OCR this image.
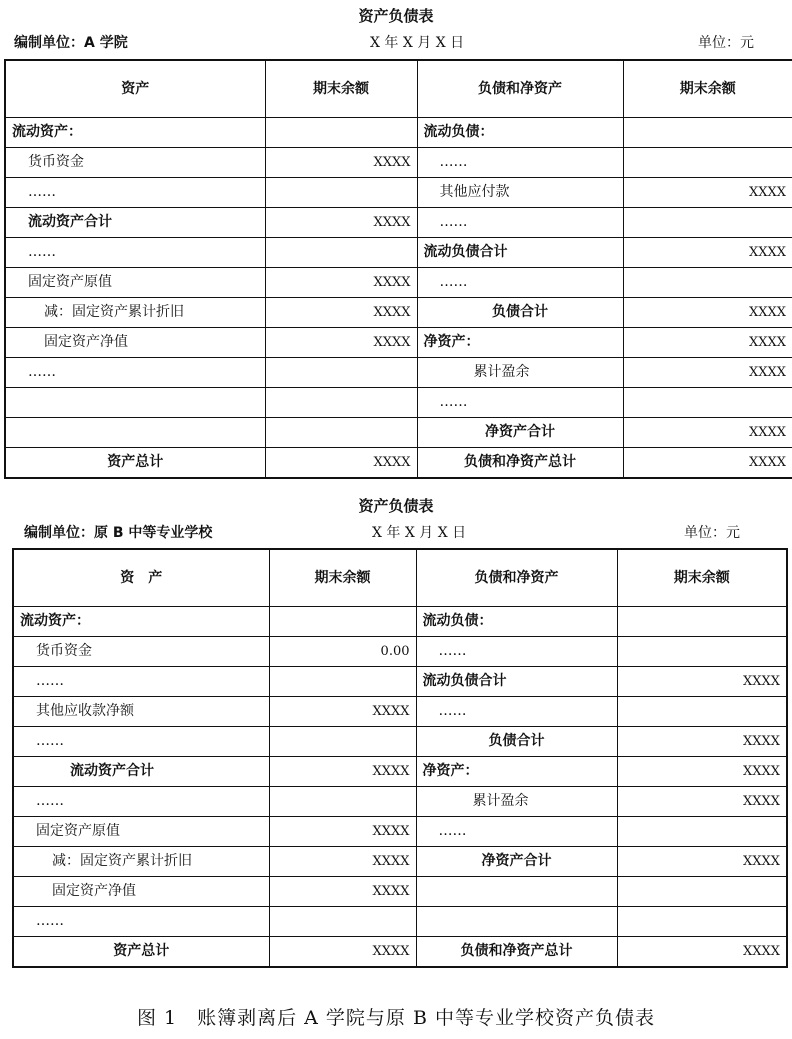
资产负债表
编制单位：A 学院	X 年 X 月 X 日	单位：元
资产	期末余额	负债和净资产	期末余额
流动资产：		流动负债：	
货币资金	XXXX	……	
……		其他应付款	XXXX
流动资产合计	XXXX	……	
……		流动负债合计	XXXX
固定资产原值	XXXX	……	
减：固定资产累计折旧	XXXX	负债合计	XXXX
固定资产净值	XXXX	净资产：	XXXX
……		累计盈余	XXXX
		……	
		净资产合计	XXXX
资产总计	XXXX	负债和净资产总计	XXXX
资产负债表
编制单位：原 B 中等专业学校	X 年 X 月 X 日	单位：元
资　产	期末余额	负债和净资产	期末余额
流动资产：		流动负债：	
货币资金	0.00	……	
……		流动负债合计	XXXX
其他应收款净额	XXXX	……	
……		负债合计	XXXX
流动资产合计	XXXX	净资产：	XXXX
……		累计盈余	XXXX
固定资产原值	XXXX	……	
减：固定资产累计折旧	XXXX	净资产合计	XXXX
固定资产净值	XXXX		
……			
资产总计	XXXX	负债和净资产总计	XXXX
图 1　账簿剥离后 A 学院与原 B 中等专业学校资产负债表
